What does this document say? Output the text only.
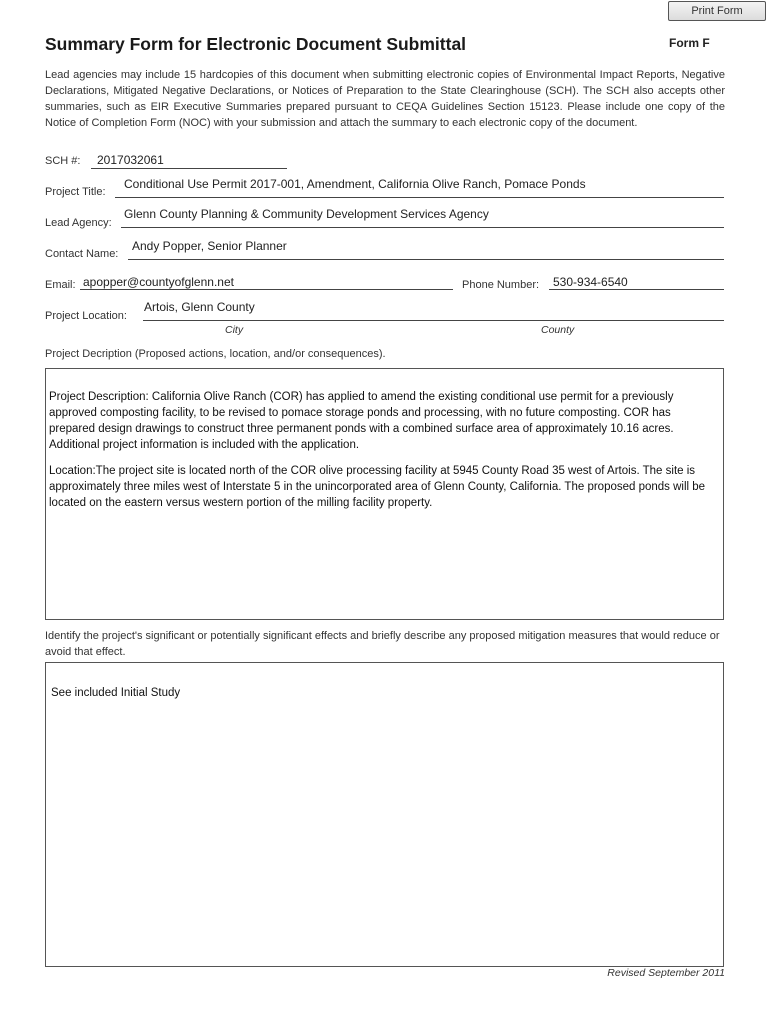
Print Form
Summary Form for Electronic Document Submittal	Form F

Lead agencies may include 15 hardcopies of this document when submitting electronic copies of Environmental Impact Reports, Negative Declarations, Mitigated Negative Declarations, or Notices of Preparation to the State Clearinghouse (SCH). The SCH also accepts other summaries, such as EIR Executive Summaries prepared pursuant to CEQA Guidelines Section 15123. Please include one copy of the Notice of Completion Form (NOC) with your submission and attach the summary to each electronic copy of the document.

SCH #: 2017032061
Project Title:
Conditional Use Permit 2017-001, Amendment, California Olive Ranch, Pomace Ponds
Lead Agency:
Glenn County Planning & Community Development Services Agency
Contact Name:
Andy Popper, Senior Planner
Email: apopper@countyofglenn.net	Phone Number: 530-934-6540
Project Location:
Artois, Glenn County
City	County
Project Decription (Proposed actions, location, and/or consequences).

Project Description: California Olive Ranch (COR) has applied to amend the existing conditional use permit for a previously approved composting facility, to be revised to pomace storage ponds and processing, with no future composting. COR has prepared design drawings to construct three permanent ponds with a combined surface area of approximately 10.16 acres. Additional project information is included with the application.

Location:The project site is located north of the COR olive processing facility at 5945 County Road 35 west of Artois. The site is approximately three miles west of Interstate 5 in the unincorporated area of Glenn County, California. The proposed ponds will be located on the eastern versus western portion of the milling facility property.

Identify the project's significant or potentially significant effects and briefly describe any proposed mitigation measures that would reduce or avoid that effect.

See included Initial Study

Revised September 2011
